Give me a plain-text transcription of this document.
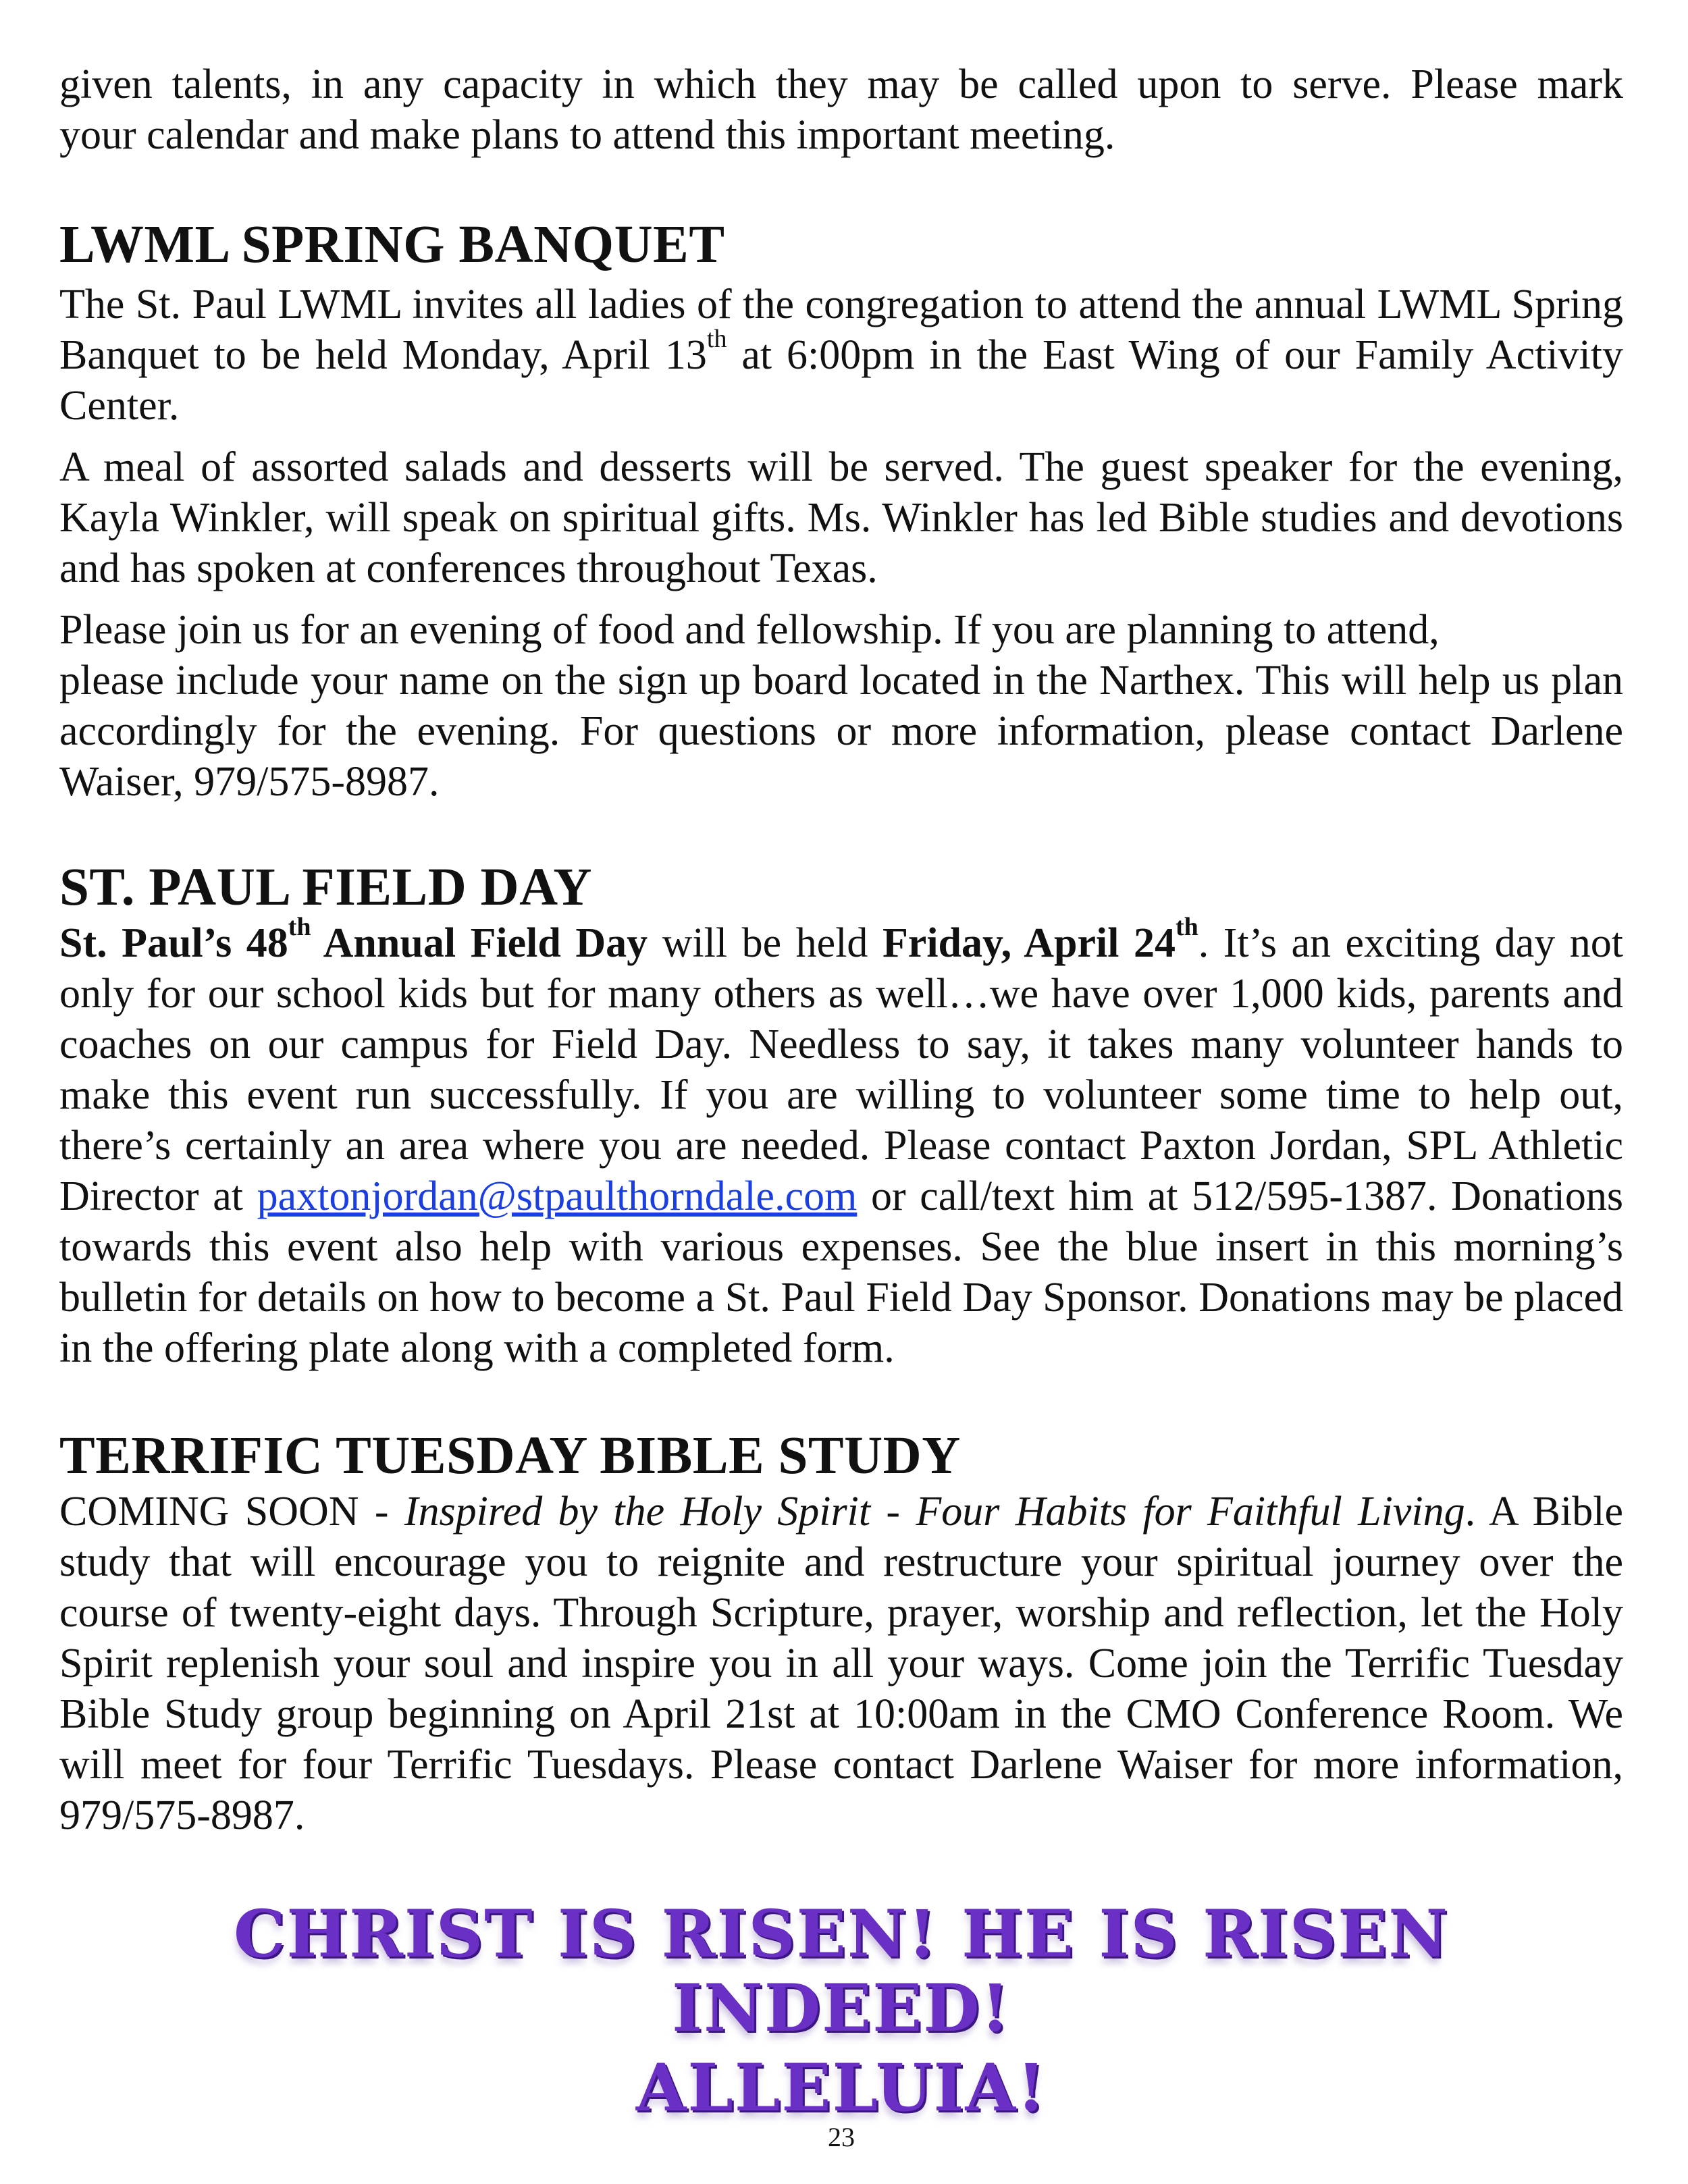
given talents, in any capacity in which they may be called upon to serve. Please mark

your calendar and make plans to attend this important meeting.

LWML SPRING BANQUET

The St. Paul LWML invites all ladies of the congregation to attend the annual LWML Spring Banquet to be held Monday, April 13th at 6:00pm in the East Wing of our Family Activity Center.

A meal of assorted salads and desserts will be served. The guest speaker for the evening, Kayla Winkler, will speak on spiritual gifts. Ms. Winkler has led Bible studies and devotions and has spoken at conferences throughout Texas.

Please join us for an evening of food and fellowship. If you are planning to attend,

please include your name on the sign up board located in the Narthex. This will help us plan accordingly for the evening. For questions or more information, please contact Darlene Waiser, 979/575-8987.

ST. PAUL FIELD DAY

St. Paul’s 48th Annual Field Day will be held Friday, April 24th. It’s an exciting day not only for our school kids but for many others as well…we have over 1,000 kids, parents and coaches on our campus for Field Day. Needless to say, it takes many volunteer hands to make this event run successfully. If you are willing to volunteer some time to help out, there’s certainly an area where you are needed. Please contact Paxton Jordan, SPL Athletic Director at paxtonjordan@stpaulthorndale.com or call/text him at 512/595-1387. Donations towards this event also help with various expenses. See the blue insert in this morning’s bulletin for details on how to become a St. Paul Field Day Sponsor. Donations may be placed in the offering plate along with a completed form.

TERRIFIC TUESDAY BIBLE STUDY

COMING SOON - Inspired by the Holy Spirit - Four Habits for Faithful Living. A Bible study that will encourage you to reignite and restructure your spiritual journey over the course of twenty-eight days. Through Scripture, prayer, worship and reflection, let the Holy Spirit replenish your soul and inspire you in all your ways. Come join the Terrific Tuesday Bible Study group beginning on April 21st at 10:00am in the CMO Conference Room. We will meet for four Terrific Tuesdays. Please contact Darlene Waiser for more information, 979/575-8987.

CHRIST IS RISEN! HE IS RISEN INDEED!
ALLELUIA!
23
